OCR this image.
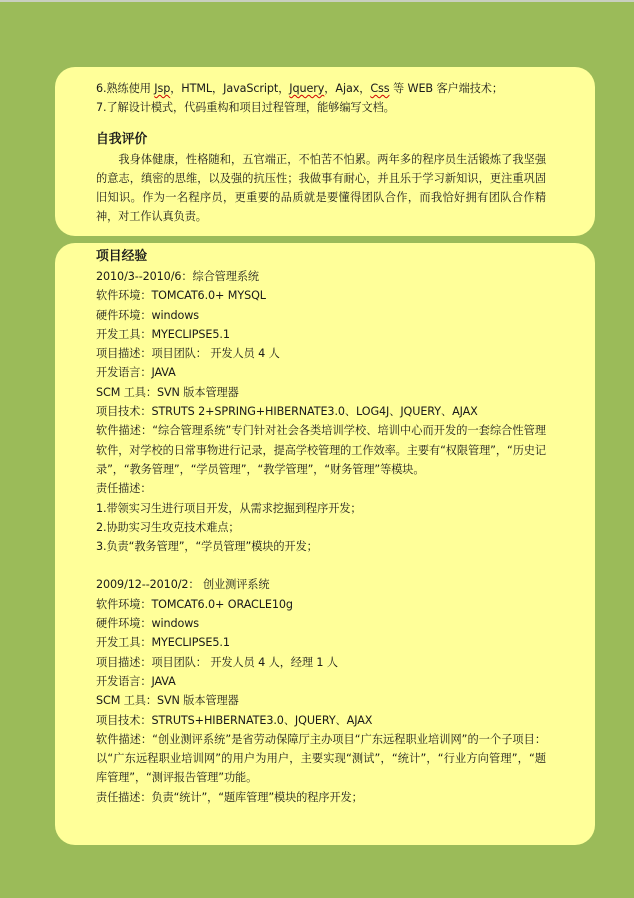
6.熟练使用 Jsp，HTML，JavaScript，Jquery，Ajax，Css 等 WEB 客户端技术；
7.了解设计模式，代码重构和项目过程管理，能够编写文档。
自我评价
我身体健康，性格随和，五官端正，不怕苦不怕累。两年多的程序员生活锻炼了我坚强的意志，缜密的思维，以及强的抗压性；我做事有耐心，并且乐于学习新知识，更注重巩固旧知识。作为一名程序员，更重要的品质就是要懂得团队合作，而我恰好拥有团队合作精神，对工作认真负责。
项目经验
2010/3--2010/6：综合管理系统
软件环境：TOMCAT6.0+ MYSQL
硬件环境：windows
开发工具：MYECLIPSE5.1
项目描述：项目团队： 开发人员 4 人
开发语言：JAVA
SCM 工具：SVN 版本管理器
项目技术：STRUTS 2+SPRING+HIBERNATE3.0、LOG4J、JQUERY、AJAX
软件描述：“综合管理系统”专门针对社会各类培训学校、培训中心而开发的一套综合性管理软件，对学校的日常事物进行记录，提高学校管理的工作效率。主要有“权限管理”，“历史记录”，“教务管理”，“学员管理”，“教学管理”，“财务管理”等模块。
责任描述：
1.带领实习生进行项目开发，从需求挖掘到程序开发；
2.协助实习生攻克技术难点；
3.负责“教务管理”，“学员管理”模块的开发；
2009/12--2010/2： 创业测评系统
软件环境：TOMCAT6.0+ ORACLE10g
硬件环境：windows
开发工具：MYECLIPSE5.1
项目描述：项目团队： 开发人员 4 人，经理 1 人
开发语言：JAVA
SCM 工具：SVN 版本管理器
项目技术：STRUTS+HIBERNATE3.0、JQUERY、AJAX
软件描述：“创业测评系统”是省劳动保障厅主办项目“广东远程职业培训网”的一个子项目：以“广东远程职业培训网”的用户为用户，主要实现“测试”，“统计”，“行业方向管理”，“题库管理”，“测评报告管理”功能。
责任描述：负责“统计”，“题库管理”模块的程序开发；
